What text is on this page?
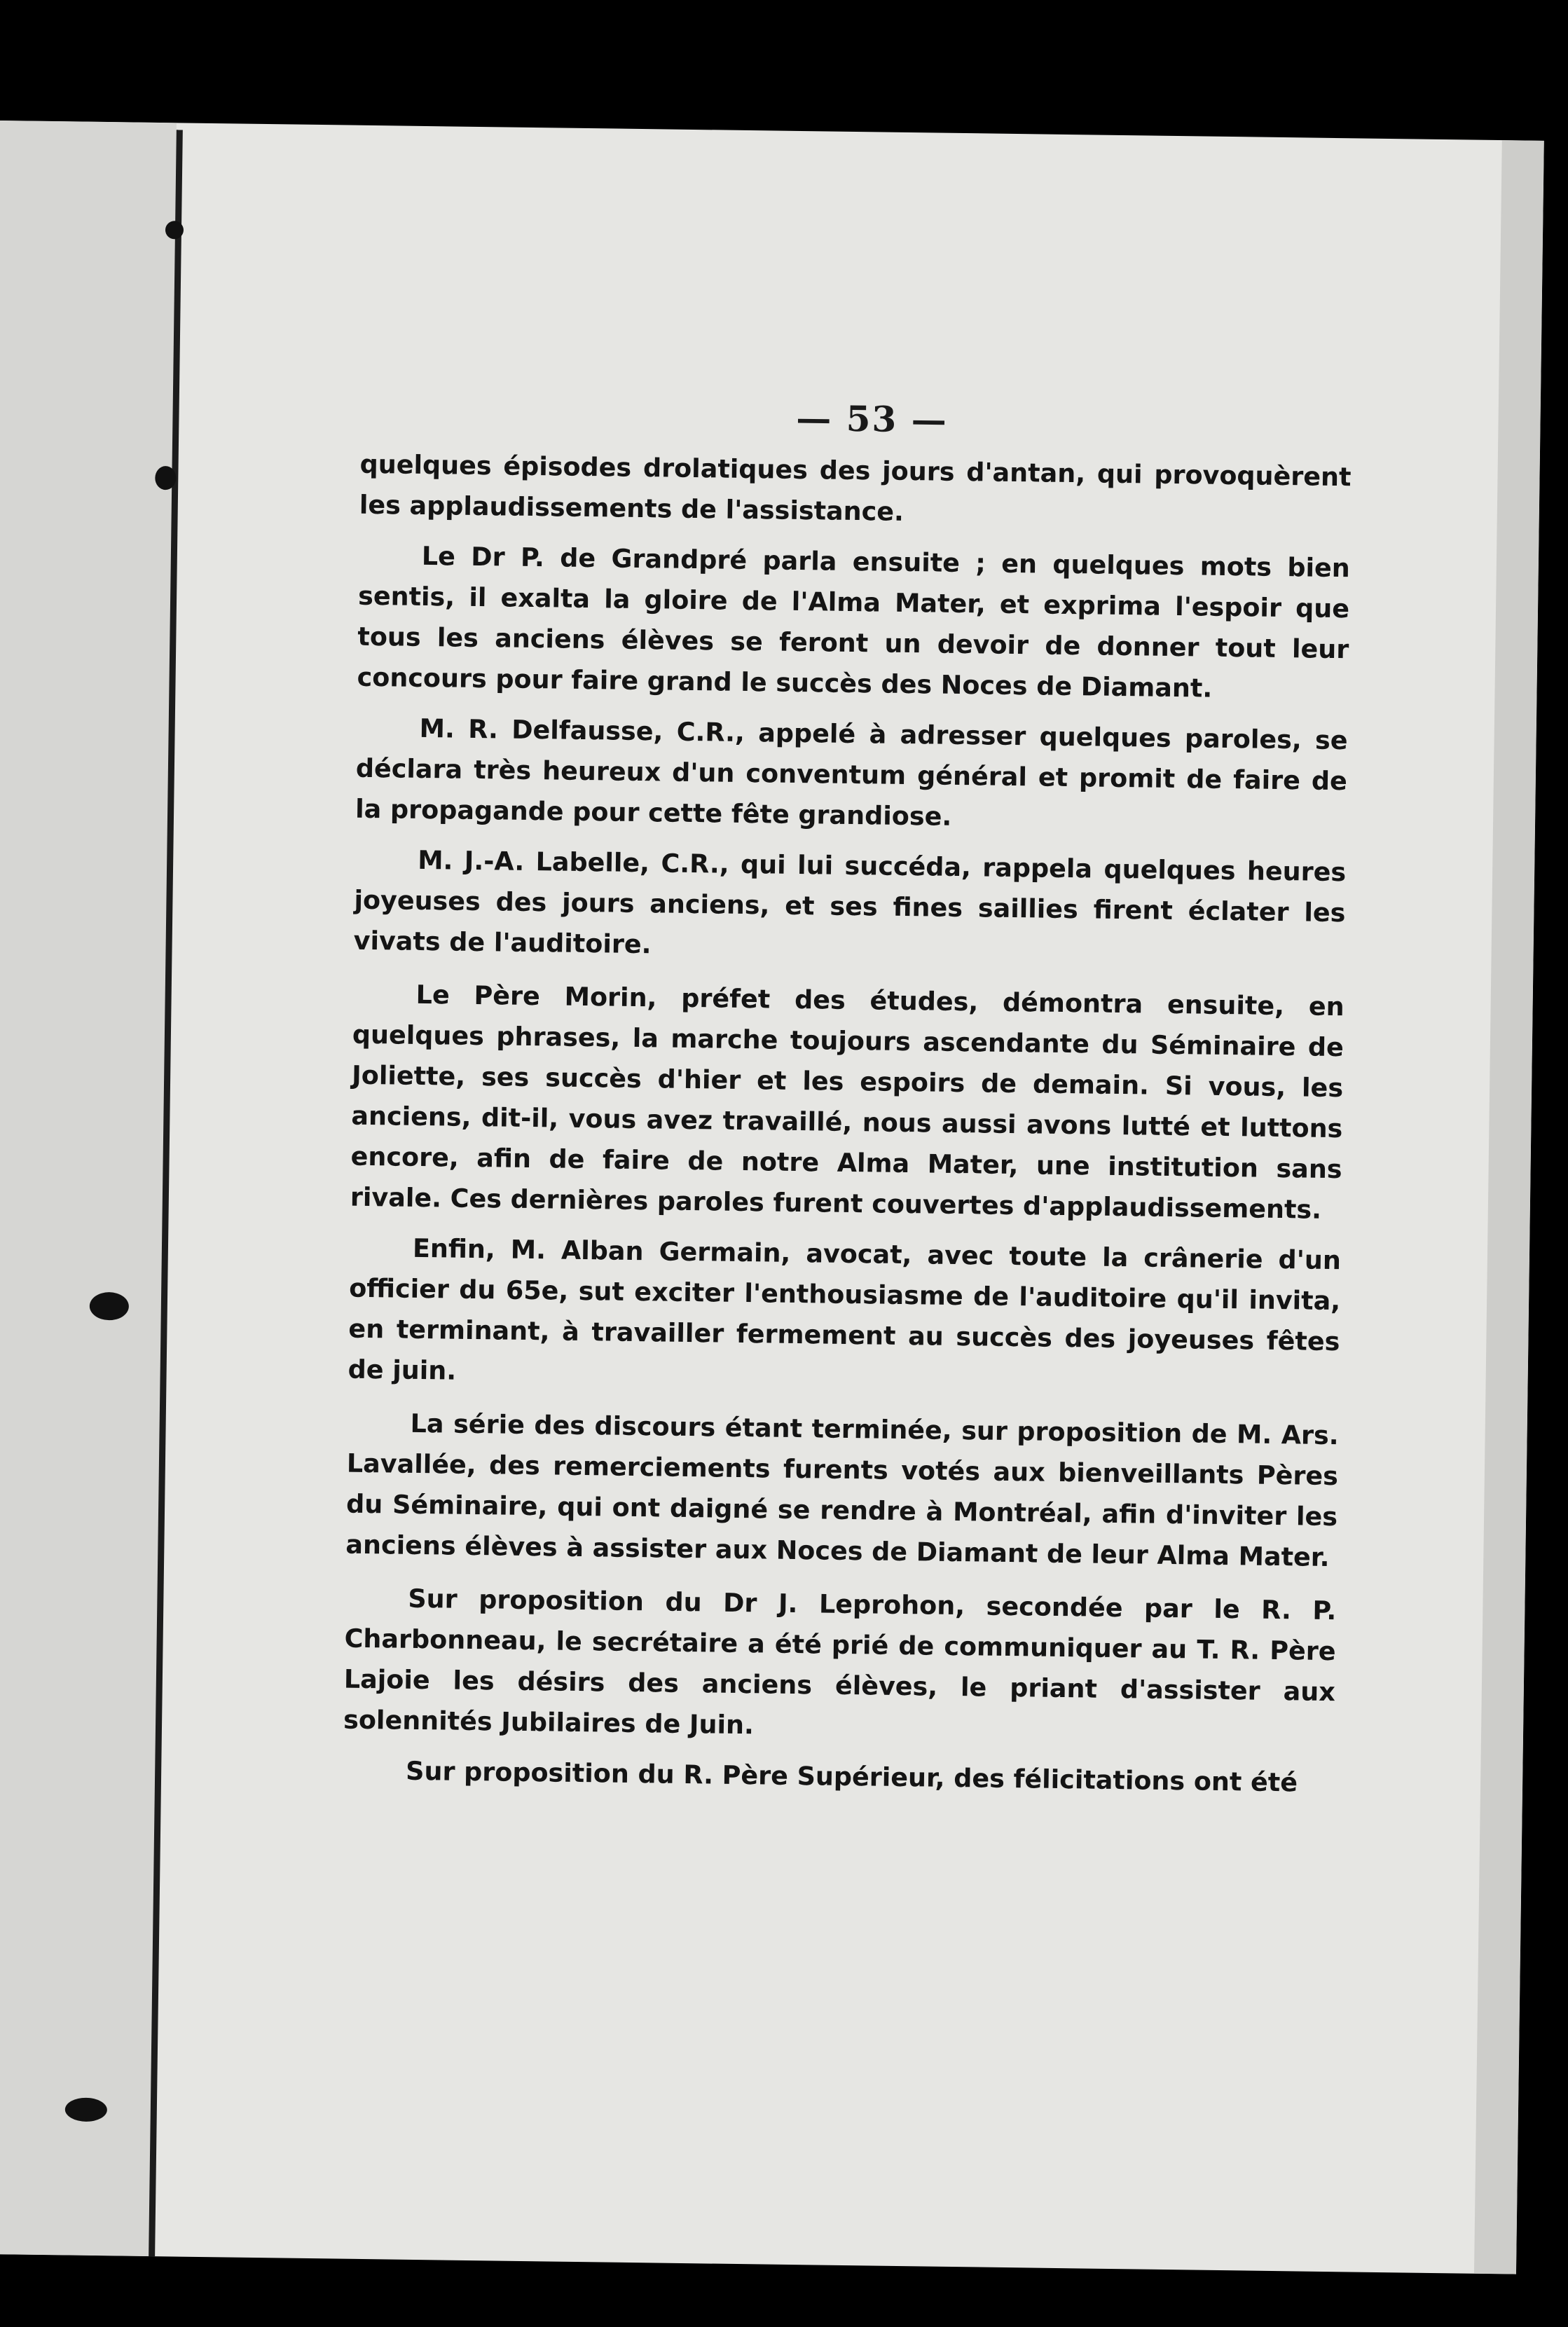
— 53 —

quelques épisodes drolatiques des jours d'antan, qui provoquèrent les applaudissements de l'assistance.

Le Dr P. de Grandpré parla ensuite ; en quelques mots bien sentis, il exalta la gloire de l'Alma Mater, et exprima l'espoir que tous les anciens élèves se feront un devoir de donner tout leur concours pour faire grand le succès des Noces de Diamant.

M. R. Delfausse, C.R., appelé à adresser quelques paroles, se déclara très heureux d'un conventum général et promit de faire de la propagande pour cette fête grandiose.

M. J.-A. Labelle, C.R., qui lui succéda, rappela quelques heures joyeuses des jours anciens, et ses fines saillies firent éclater les vivats de l'auditoire.

Le Père Morin, préfet des études, démontra ensuite, en quelques phrases, la marche toujours ascendante du Séminaire de Joliette, ses succès d'hier et les espoirs de demain. Si vous, les anciens, dit-il, vous avez travaillé, nous aussi avons lutté et luttons encore, afin de faire de notre Alma Mater, une institution sans rivale. Ces dernières paroles furent couvertes d'applaudissements.

Enfin, M. Alban Germain, avocat, avec toute la crânerie d'un officier du 65e, sut exciter l'enthousiasme de l'auditoire qu'il invita, en terminant, à travailler fermement au succès des joyeuses fêtes de juin.

La série des discours étant terminée, sur proposition de M. Ars. Lavallée, des remerciements furents votés aux bienveillants Pères du Séminaire, qui ont daigné se rendre à Montréal, afin d'inviter les anciens élèves à assister aux Noces de Diamant de leur Alma Mater.

Sur proposition du Dr J. Leprohon, secondée par le R. P. Charbonneau, le secrétaire a été prié de communiquer au T. R. Père Lajoie les désirs des anciens élèves, le priant d'assister aux solennités Jubilaires de Juin.

Sur proposition du R. Père Supérieur, des félicitations ont été
